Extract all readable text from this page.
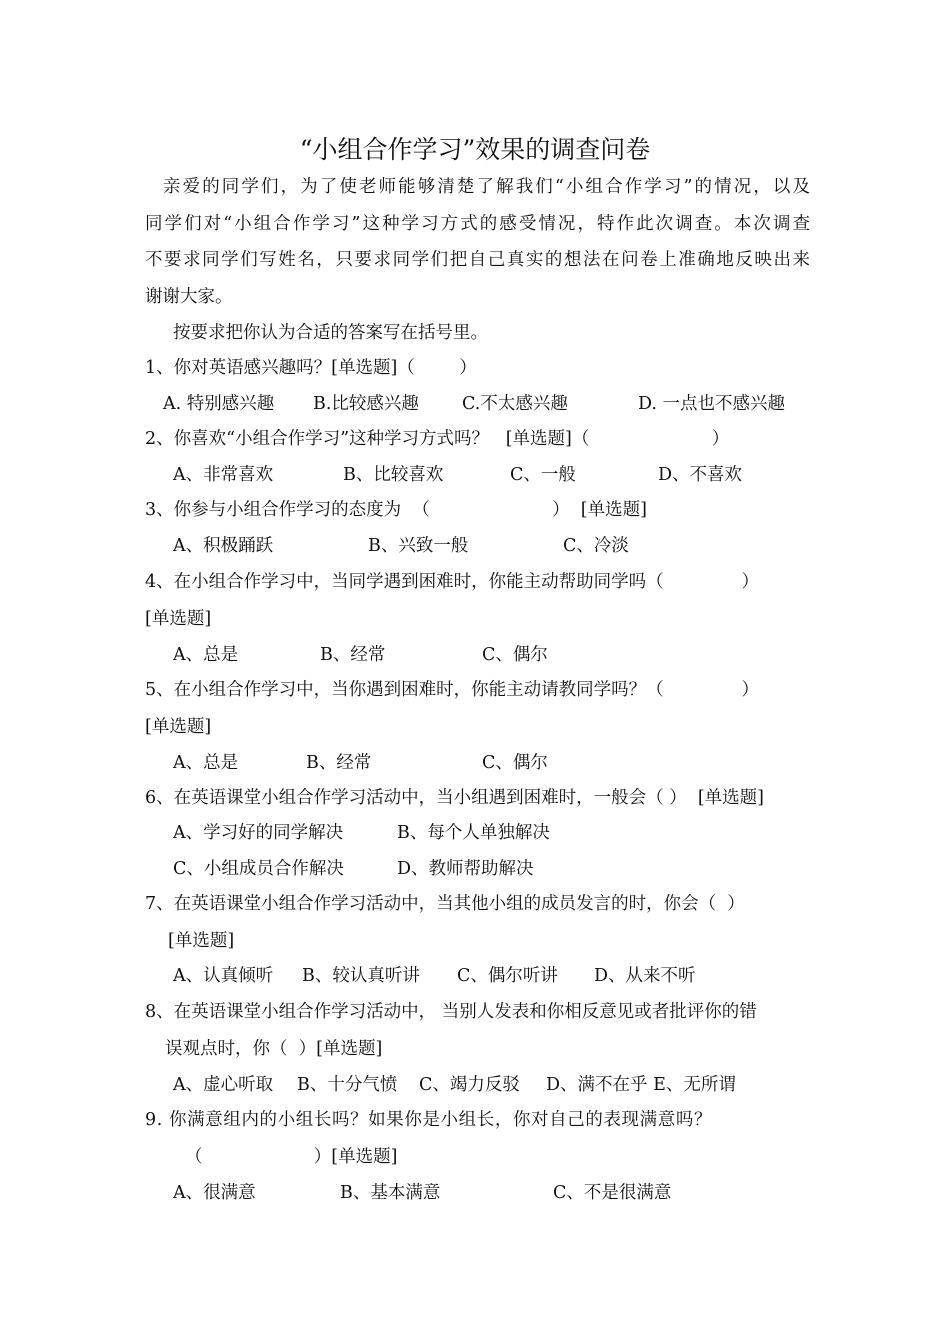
“小组合作学习”效果的调查问卷
亲爱的同学们，为了使老师能够清楚了解我们“小组合作学习”的情况，以及
同学们对“小组合作学习”这种学习方式的感受情况，特作此次调查。本次调查
不要求同学们写姓名，只要求同学们把自己真实的想法在问卷上准确地反映出来
谢谢大家。
按要求把你认为合适的答案写在括号里。
1、你对英语感兴趣吗？[单选题]（        ）
A. 特别感兴趣 B.比较感兴趣 C.不太感兴趣	D. 一点也不感兴趣
2、你喜欢“小组合作学习”这种学习方式吗？   [单选题]（                      ）
A、非常喜欢	B、比较喜欢	C、一般	D、不喜欢
3、你参与小组合作学习的态度为  （                      ）  [单选题]
A、积极踊跃	B、兴致一般	C、冷淡
4、在小组合作学习中，当同学遇到困难时，你能主动帮助同学吗（              ）
[单选题]
A、总是	B、经常	C、偶尔
5、在小组合作学习中，当你遇到困难时，你能主动请教同学吗？（              ）
[单选题]
A、总是	B、经常	C、偶尔
6、在英语课堂小组合作学习活动中，当小组遇到困难时，一般会（ ）  [单选题]
A、学习好的同学解决	B、每个人单独解决
C、小组成员合作解决	D、教师帮助解决
7、在英语课堂小组合作学习活动中，当其他小组的成员发言的时，你会（  ）
[单选题]
A、认真倾听 B、较认真听讲 C、偶尔听讲 D、从来不听
8、在英语课堂小组合作学习活动中， 当别人发表和你相反意见或者批评你的错
误观点时，你（  ）[单选题]
A、虚心听取 B、十分气愤 C、竭力反驳 D、满不在乎 E、无所谓
9. 你满意组内的小组长吗？如果你是小组长，你对自己的表现满意吗？
（                    ）[单选题]
A、很满意	B、基本满意	C、不是很满意
